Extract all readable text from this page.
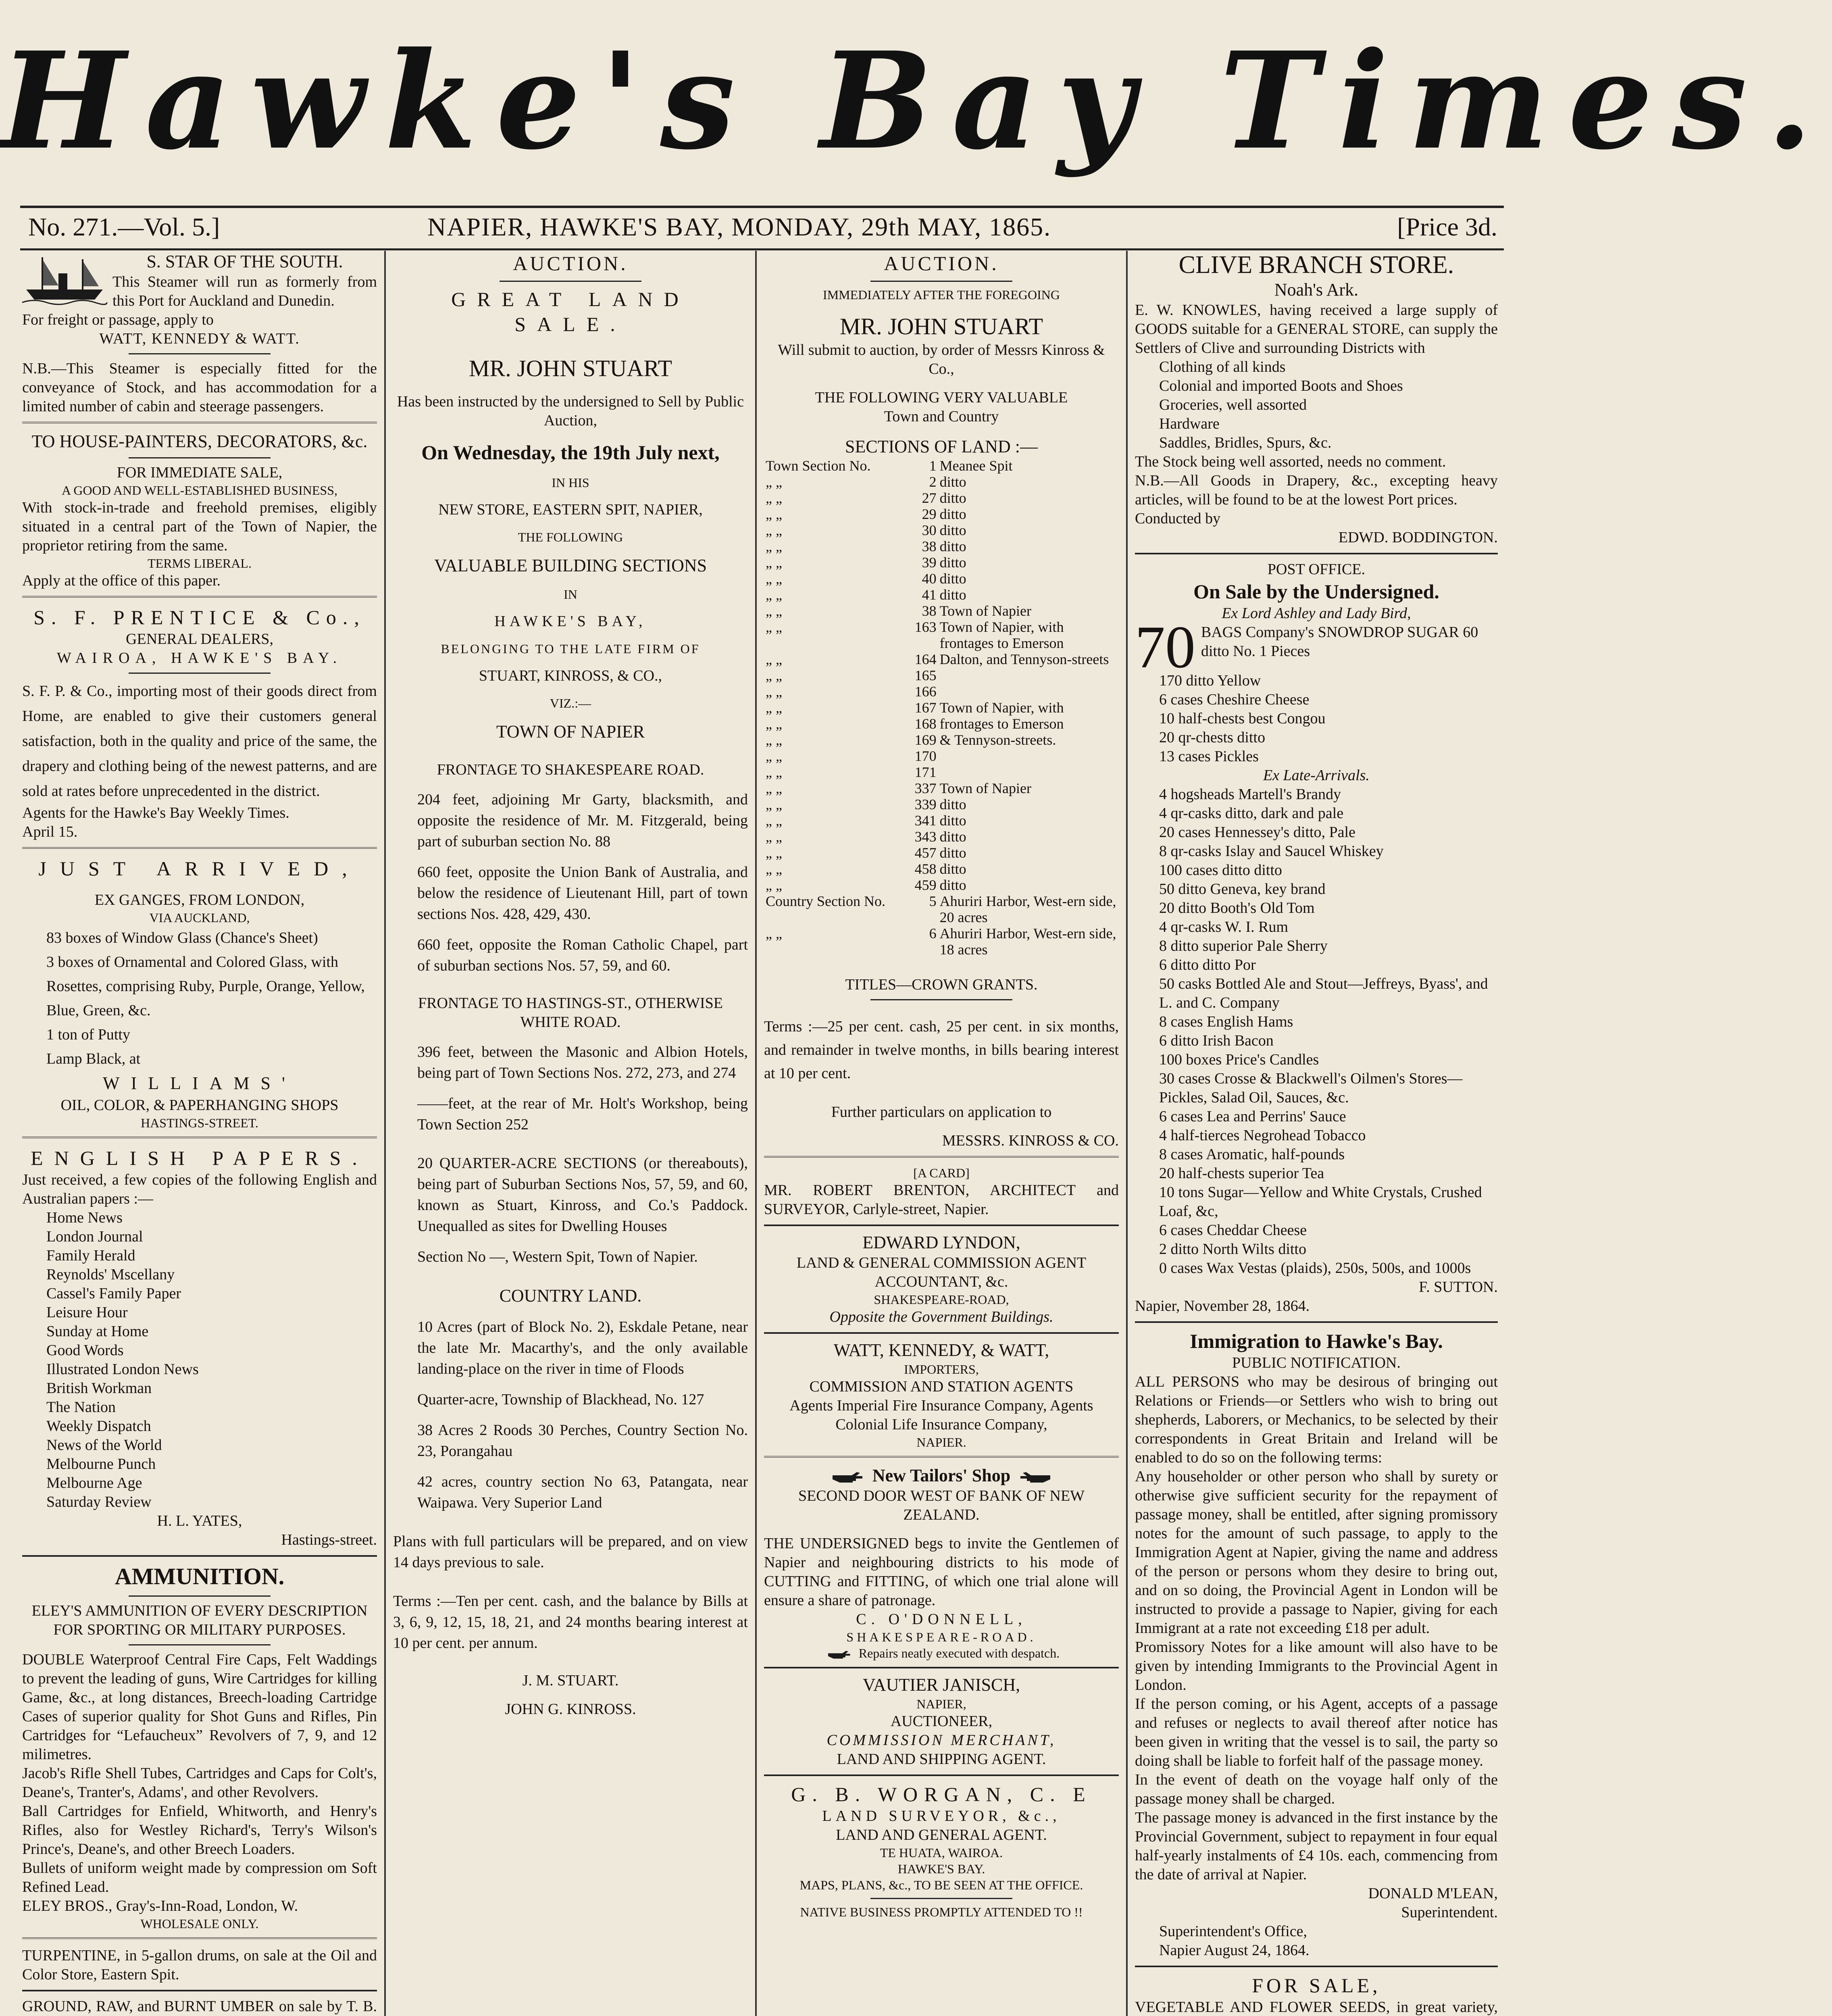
Hawke's Bay Times.
No. 271.—Vol. 5.]	NAPIER, HAWKE'S BAY, MONDAY, 29th MAY, 1865.	[Price 3d.

S. STAR OF THE SOUTH.

This Steamer will run as formerly from this Port for Auckland and Dunedin.

For freight or passage, apply to

WATT, KENNEDY & WATT.

N.B.—This Steamer is especially fitted for the conveyance of Stock, and has accommodation for a limited number of cabin and steerage passengers.

TO HOUSE-PAINTERS, DECORATORS, &c.

FOR IMMEDIATE SALE,

A GOOD AND WELL-ESTABLISHED BUSINESS,

With stock-in-trade and freehold premises, eligibly situated in a central part of the Town of Napier, the proprietor retiring from the same.

TERMS LIBERAL.

Apply at the office of this paper.

S. F. PRENTICE & Co.,

GENERAL DEALERS,

WAIROA, HAWKE'S BAY.

S. F. P. & Co., importing most of their goods direct from Home, are enabled to give their customers general satisfaction, both in the quality and price of the same, the drapery and clothing being of the newest patterns, and are sold at rates before unprecedented in the district.

Agents for the Hawke's Bay Weekly Times.

April 15.

JUST ARRIVED,

EX GANGES, FROM LONDON,

VIA AUCKLAND,

83 boxes of Window Glass (Chance's Sheet)

3 boxes of Ornamental and Colored Glass, with Rosettes, comprising Ruby, Purple, Orange, Yellow, Blue, Green, &c.

1 ton of Putty

Lamp Black, at

WILLIAMS'

OIL, COLOR, & PAPERHANGING SHOPS

HASTINGS-STREET.

ENGLISH PAPERS.

Just received, a few copies of the following English and Australian papers :—

Home News

London Journal

Family Herald

Reynolds' Mscellany

Cassel's Family Paper

Leisure Hour

Sunday at Home

Good Words

Illustrated London News

British Workman

The Nation

Weekly Dispatch

News of the World

Melbourne Punch

Melbourne Age

Saturday Review

H. L. YATES,

Hastings-street.

AMMUNITION.

ELEY'S AMMUNITION OF EVERY DESCRIPTION FOR SPORTING OR MILITARY PURPOSES.

DOUBLE Waterproof Central Fire Caps, Felt Waddings to prevent the leading of guns, Wire Cartridges for killing Game, &c., at long distances, Breech-loading Cartridge Cases of superior quality for Shot Guns and Rifles, Pin Cartridges for “Lefaucheux” Revolvers of 7, 9, and 12 milimetres.

Jacob's Rifle Shell Tubes, Cartridges and Caps for Colt's, Deane's, Tranter's, Adams', and other Revolvers.

Ball Cartridges for Enfield, Whitworth, and Henry's Rifles, also for Westley Richard's, Terry's Wilson's Prince's, Deane's, and other Breech Loaders.

Bullets of uniform weight made by compression om Soft Refined Lead.

ELEY BROS., Gray's-Inn-Road, London, W.

WHOLESALE ONLY.

TURPENTINE, in 5-gallon drums, on sale at the Oil and Color Store, Eastern Spit.

GROUND, RAW, and BURNT UMBER on sale by T. B.

AUCTION.

GREAT LAND SALE.

MR. JOHN STUART

Has been instructed by the undersigned to Sell by Public Auction,

On Wednesday, the 19th July next,

IN HIS

NEW STORE, EASTERN SPIT, NAPIER,

THE FOLLOWING

VALUABLE BUILDING SECTIONS

IN

HAWKE'S BAY,

BELONGING TO THE LATE FIRM OF

STUART, KINROSS, & CO.,

VIZ.:—

TOWN OF NAPIER

FRONTAGE TO SHAKESPEARE ROAD.

204 feet, adjoining Mr Garty, blacksmith, and opposite the residence of Mr. M. Fitzgerald, being part of suburban section No. 88

660 feet, opposite the Union Bank of Australia, and below the residence of Lieutenant Hill, part of town sections Nos. 428, 429, 430.

660 feet, opposite the Roman Catholic Chapel, part of suburban sections Nos. 57, 59, and 60.

FRONTAGE TO HASTINGS-ST., OTHERWISE WHITE ROAD.

396 feet, between the Masonic and Albion Hotels, being part of Town Sections Nos. 272, 273, and 274

——feet, at the rear of Mr. Holt's Workshop, being Town Section 252

20 QUARTER-ACRE SECTIONS (or thereabouts), being part of Suburban Sections Nos, 57, 59, and 60, known as Stuart, Kinross, and Co.'s Paddock. Unequalled as sites for Dwelling Houses

Section No —, Western Spit, Town of Napier.

COUNTRY LAND.

10 Acres (part of Block No. 2), Eskdale Petane, near the late Mr. Macarthy's, and the only available landing-place on the river in time of Floods

Quarter-acre, Township of Blackhead, No. 127

38 Acres 2 Roods 30 Perches, Country Section No. 23, Porangahau

42 acres, country section No 63, Patangata, near Waipawa. Very Superior Land

Plans with full particulars will be prepared, and on view 14 days previous to sale.

Terms :—Ten per cent. cash, and the balance by Bills at 3, 6, 9, 12, 15, 18, 21, and 24 months bearing interest at 10 per cent. per annum.

J. M. STUART.

JOHN G. KINROSS.

AUCTION.

IMMEDIATELY AFTER THE FOREGOING

MR. JOHN STUART

Will submit to auction, by order of Messrs Kinross & Co.,

THE FOLLOWING VERY VALUABLE

Town and Country

SECTIONS OF LAND :—

Town Section No.	1	Meanee Spit
„ „	2	ditto
„ „	27	ditto
„ „	29	ditto
„ „	30	ditto
„ „	38	ditto
„ „	39	ditto
„ „	40	ditto
„ „	41	ditto
„ „	38	Town of Napier
„ „	163	Town of Napier, with frontages to Emerson
„ „	164	Dalton, and Tennyson-streets
„ „	165	
„ „	166	
„ „	167	Town of Napier, with
„ „	168	frontages to Emerson
„ „	169	& Tennyson-streets.
„ „	170	
„ „	171	
„ „	337	Town of Napier
„ „	339	ditto
„ „	341	ditto
„ „	343	ditto
„ „	457	ditto
„ „	458	ditto
„ „	459	ditto
Country Section No.	5	Ahuriri Harbor, West-ern side, 20 acres
„ „	6	Ahuriri Harbor, West-ern side, 18 acres

TITLES—CROWN GRANTS.

Terms :—25 per cent. cash, 25 per cent. in six months, and remainder in twelve months, in bills bearing interest at 10 per cent.

Further particulars on application to

MESSRS. KINROSS & CO.

[A CARD]

MR. ROBERT BRENTON, ARCHITECT and SURVEYOR, Carlyle-street, Napier.

EDWARD LYNDON,

LAND & GENERAL COMMISSION AGENT ACCOUNTANT, &c.

SHAKESPEARE-ROAD,

Opposite the Government Buildings.

WATT, KENNEDY, & WATT,

IMPORTERS,

COMMISSION AND STATION AGENTS

Agents Imperial Fire Insurance Company, Agents Colonial Life Insurance Company,

NAPIER.

New Tailors' Shop

SECOND DOOR WEST OF BANK OF NEW ZEALAND.

THE UNDERSIGNED begs to invite the Gentlemen of Napier and neighbouring districts to his mode of CUTTING and FITTING, of which one trial alone will ensure a share of patronage.

C. O'DONNELL,

SHAKESPEARE-ROAD.

Repairs neatly executed with despatch.

VAUTIER JANISCH,

NAPIER,

AUCTIONEER,

COMMISSION MERCHANT,

LAND AND SHIPPING AGENT.

G. B. WORGAN, C. E

LAND SURVEYOR, &c.,

LAND AND GENERAL AGENT.

TE HUATA, WAIROA.

HAWKE'S BAY.

MAPS, PLANS, &c., TO BE SEEN AT THE OFFICE.

NATIVE BUSINESS PROMPTLY ATTENDED TO !!

CLIVE BRANCH STORE.

Noah's Ark.

E. W. KNOWLES, having received a large supply of GOODS suitable for a GENERAL STORE, can supply the Settlers of Clive and surrounding Districts with

Clothing of all kinds

Colonial and imported Boots and Shoes

Groceries, well assorted

Hardware

Saddles, Bridles, Spurs, &c.

The Stock being well assorted, needs no comment.

N.B.—All Goods in Drapery, &c., excepting heavy articles, will be found to be at the lowest Port prices.

Conducted by

EDWD. BODDINGTON.

POST OFFICE.

On Sale by the Undersigned.

Ex Lord Ashley and Lady Bird,

70 BAGS Company's SNOWDROP SUGAR 60 ditto No. 1 Pieces

170 ditto Yellow

6 cases Cheshire Cheese

10 half-chests best Congou

20 qr-chests ditto

13 cases Pickles

Ex Late-Arrivals.

4 hogsheads Martell's Brandy

4 qr-casks ditto, dark and pale

20 cases Hennessey's ditto, Pale

8 qr-casks Islay and Saucel Whiskey

100 cases ditto ditto

50 ditto Geneva, key brand

20 ditto Booth's Old Tom

4 qr-casks W. I. Rum

8 ditto superior Pale Sherry

6 ditto ditto Por

50 casks Bottled Ale and Stout—Jeffreys, Byass', and L. and C. Company

8 cases English Hams

6 ditto Irish Bacon

100 boxes Price's Candles

30 cases Crosse & Blackwell's Oilmen's Stores—Pickles, Salad Oil, Sauces, &c.

6 cases Lea and Perrins' Sauce

4 half-tierces Negrohead Tobacco

8 cases Aromatic, half-pounds

20 half-chests superior Tea

10 tons Sugar—Yellow and White Crystals, Crushed Loaf, &c,

6 cases Cheddar Cheese

2 ditto North Wilts ditto

0 cases Wax Vestas (plaids), 250s, 500s, and 1000s

F. SUTTON.

Napier, November 28, 1864.

Immigration to Hawke's Bay.

PUBLIC NOTIFICATION.

ALL PERSONS who may be desirous of bringing out Relations or Friends—or Settlers who wish to bring out shepherds, Laborers, or Mechanics, to be selected by their correspondents in Great Britain and Ireland will be enabled to do so on the following terms:

Any householder or other person who shall by surety or otherwise give sufficient security for the repayment of passage money, shall be entitled, after signing promissory notes for the amount of such passage, to apply to the Immigration Agent at Napier, giving the name and address of the person or persons whom they desire to bring out, and on so doing, the Provincial Agent in London will be instructed to provide a passage to Napier, giving for each Immigrant at a rate not exceeding £18 per adult.

Promissory Notes for a like amount will also have to be given by intending Immigrants to the Provincial Agent in London.

If the person coming, or his Agent, accepts of a passage and refuses or neglects to avail thereof after notice has been given in writing that the vessel is to sail, the party so doing shall be liable to forfeit half of the passage money.

In the event of death on the voyage half only of the passage money shall be charged.

The passage money is advanced in the first instance by the Provincial Government, subject to repayment in four equal half-yearly instalments of £4 10s. each, commencing from the date of arrival at Napier.

DONALD M'LEAN,

Superintendent.

Superintendent's Office,

Napier August 24, 1864.

FOR SALE,

VEGETABLE AND FLOWER SEEDS, in great variety,
